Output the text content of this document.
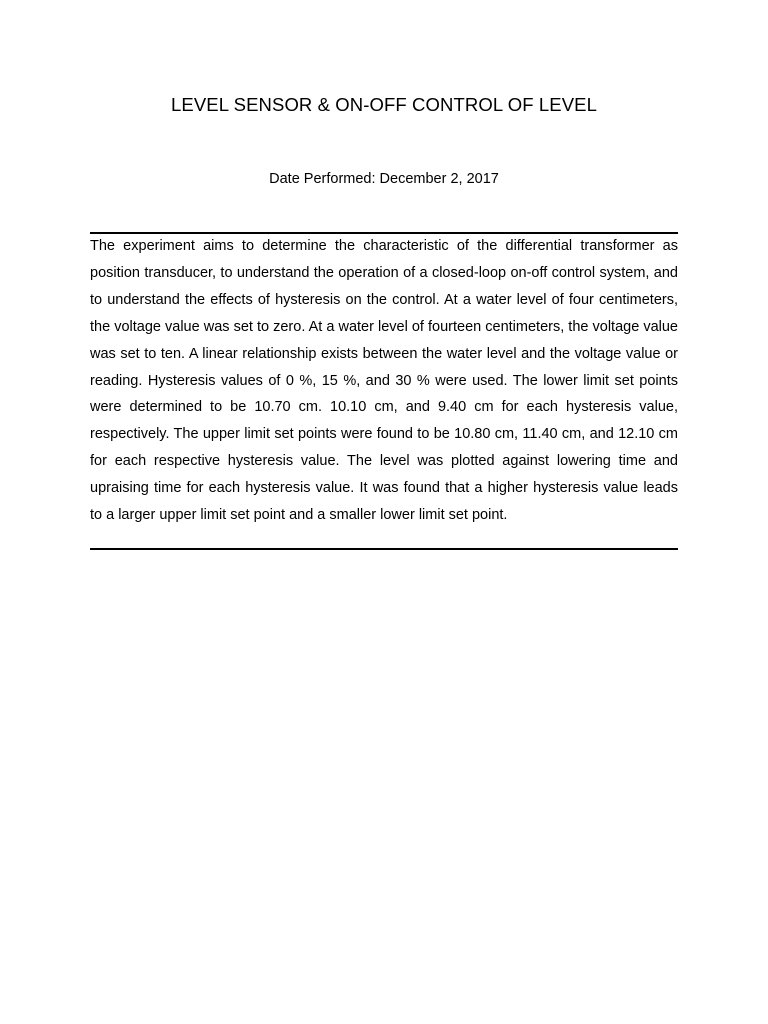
LEVEL SENSOR & ON-OFF CONTROL OF LEVEL
Date Performed: December 2, 2017

The experiment aims to determine the characteristic of the differential transformer as position transducer, to understand the operation of a closed-loop on-off control system, and to understand the effects of hysteresis on the control. At a water level of four centimeters, the voltage value was set to zero. At a water level of fourteen centimeters, the voltage value was set to ten. A linear relationship exists between the water level and the voltage value or reading. Hysteresis values of 0 %, 15 %, and 30 % were used. The lower limit set points were determined to be 10.70 cm. 10.10 cm, and 9.40 cm for each hysteresis value, respectively. The upper limit set points were found to be 10.80 cm, 11.40 cm, and 12.10 cm for each respective hysteresis value. The level was plotted against lowering time and upraising time for each hysteresis value. It was found that a higher hysteresis value leads to a larger upper limit set point and a smaller lower limit set point.
